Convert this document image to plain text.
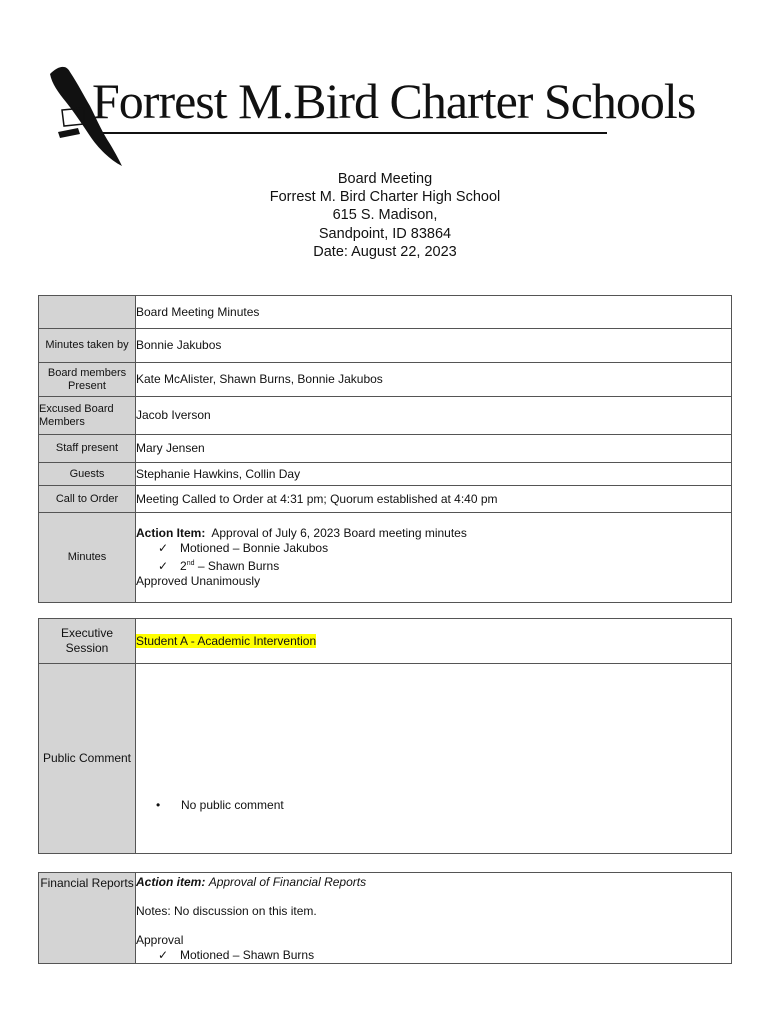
Forrest M.Bird Charter Schools
Board Meeting
Forrest M. Bird Charter High School
615 S. Madison,
Sandpoint, ID 83864
Date: August 22, 2023
	Board Meeting Minutes
Minutes taken by	Bonnie Jakubos
Board members Present	Kate McAlister, Shawn Burns, Bonnie Jakubos
Excused Board Members	Jacob Iverson
Staff present	Mary Jensen
Guests	Stephanie Hawkins, Collin Day
Call to Order	Meeting Called to Order at 4:31 pm; Quorum established at 4:40 pm
Minutes	Action Item: Approval of July 6, 2023 Board meeting minutes
✓ Motioned – Bonnie Jakubos
✓ 2nd – Shawn Burns
Approved Unanimously
Executive Session	Student A - Academic Intervention
Public Comment	• No public comment
Financial Reports	Action item: Approval of Financial Reports
Notes: No discussion on this item.
Approval
✓ Motioned – Shawn Burns
